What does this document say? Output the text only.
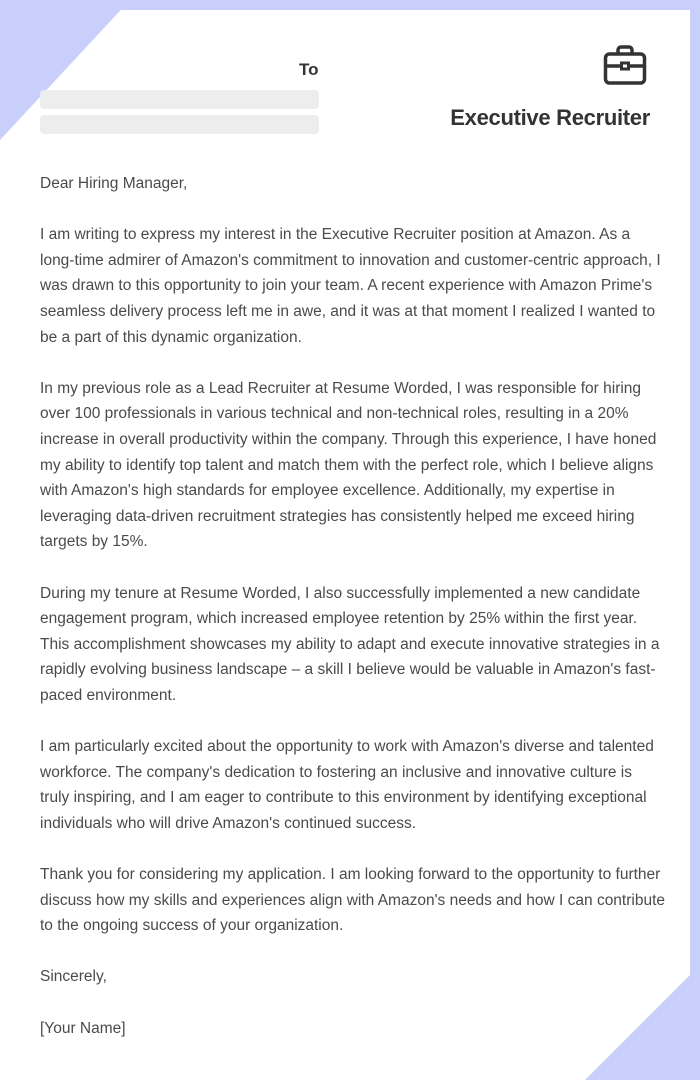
To
Executive Recruiter

Dear Hiring Manager,

I am writing to express my interest in the Executive Recruiter position at Amazon. As a long-time admirer of Amazon's commitment to innovation and customer-centric approach, I was drawn to this opportunity to join your team. A recent experience with Amazon Prime's seamless delivery process left me in awe, and it was at that moment I realized I wanted to be a part of this dynamic organization.

In my previous role as a Lead Recruiter at Resume Worded, I was responsible for hiring over 100 professionals in various technical and non-technical roles, resulting in a 20% increase in overall productivity within the company. Through this experience, I have honed my ability to identify top talent and match them with the perfect role, which I believe aligns with Amazon's high standards for employee excellence. Additionally, my expertise in leveraging data-driven recruitment strategies has consistently helped me exceed hiring targets by 15%.

During my tenure at Resume Worded, I also successfully implemented a new candidate engagement program, which increased employee retention by 25% within the first year. This accomplishment showcases my ability to adapt and execute innovative strategies in a rapidly evolving business landscape – a skill I believe would be valuable in Amazon's fast-paced environment.

I am particularly excited about the opportunity to work with Amazon's diverse and talented workforce. The company's dedication to fostering an inclusive and innovative culture is truly inspiring, and I am eager to contribute to this environment by identifying exceptional individuals who will drive Amazon's continued success.

Thank you for considering my application. I am looking forward to the opportunity to further discuss how my skills and experiences align with Amazon's needs and how I can contribute to the ongoing success of your organization.

Sincerely,

[Your Name]
